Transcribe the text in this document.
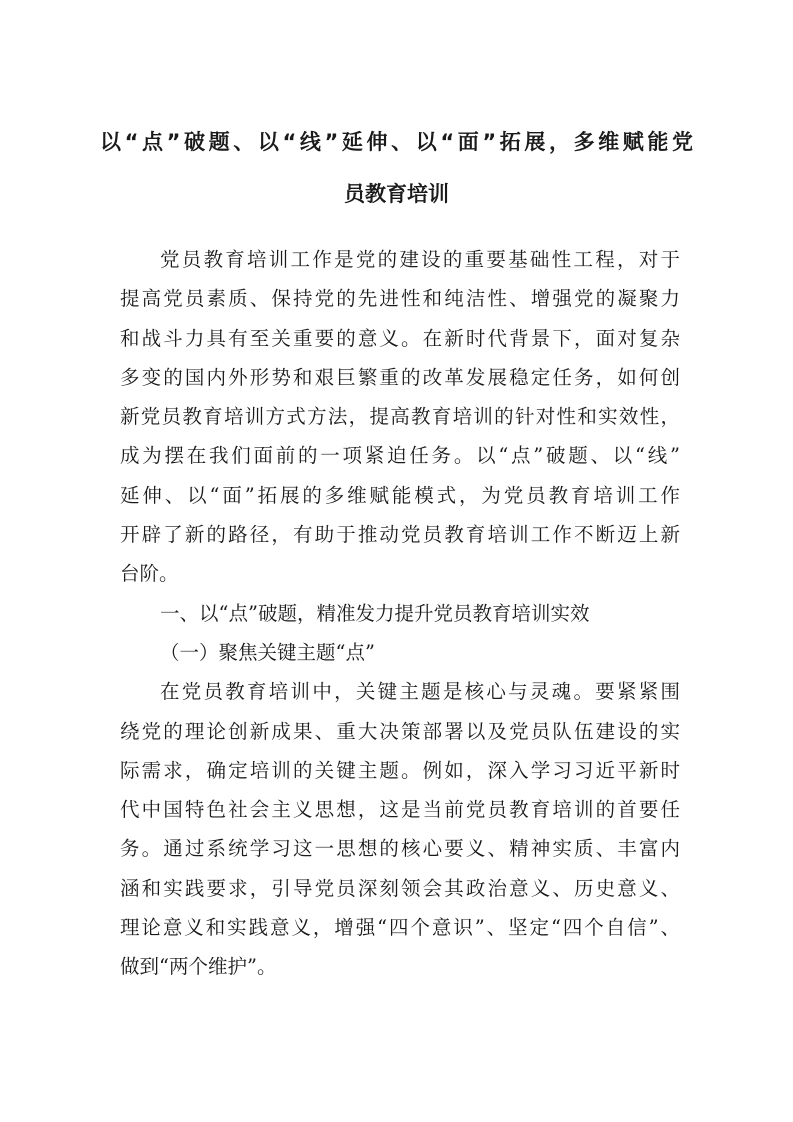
以“点”破题、以“线”延伸、以“面”拓展，多维赋能党
员教育培训
党员教育培训工作是党的建设的重要基础性工程，对于
提高党员素质、保持党的先进性和纯洁性、增强党的凝聚力
和战斗力具有至关重要的意义。在新时代背景下，面对复杂
多变的国内外形势和艰巨繁重的改革发展稳定任务，如何创
新党员教育培训方式方法，提高教育培训的针对性和实效性，
成为摆在我们面前的一项紧迫任务。以“点”破题、以“线”
延伸、以“面”拓展的多维赋能模式，为党员教育培训工作
开辟了新的路径，有助于推动党员教育培训工作不断迈上新
台阶。
一、以“点”破题，精准发力提升党员教育培训实效
（一）聚焦关键主题“点”
在党员教育培训中，关键主题是核心与灵魂。要紧紧围
绕党的理论创新成果、重大决策部署以及党员队伍建设的实
际需求，确定培训的关键主题。例如，深入学习习近平新时
代中国特色社会主义思想，这是当前党员教育培训的首要任
务。通过系统学习这一思想的核心要义、精神实质、丰富内
涵和实践要求，引导党员深刻领会其政治意义、历史意义、
理论意义和实践意义，增强“四个意识”、坚定“四个自信”、
做到“两个维护”。
